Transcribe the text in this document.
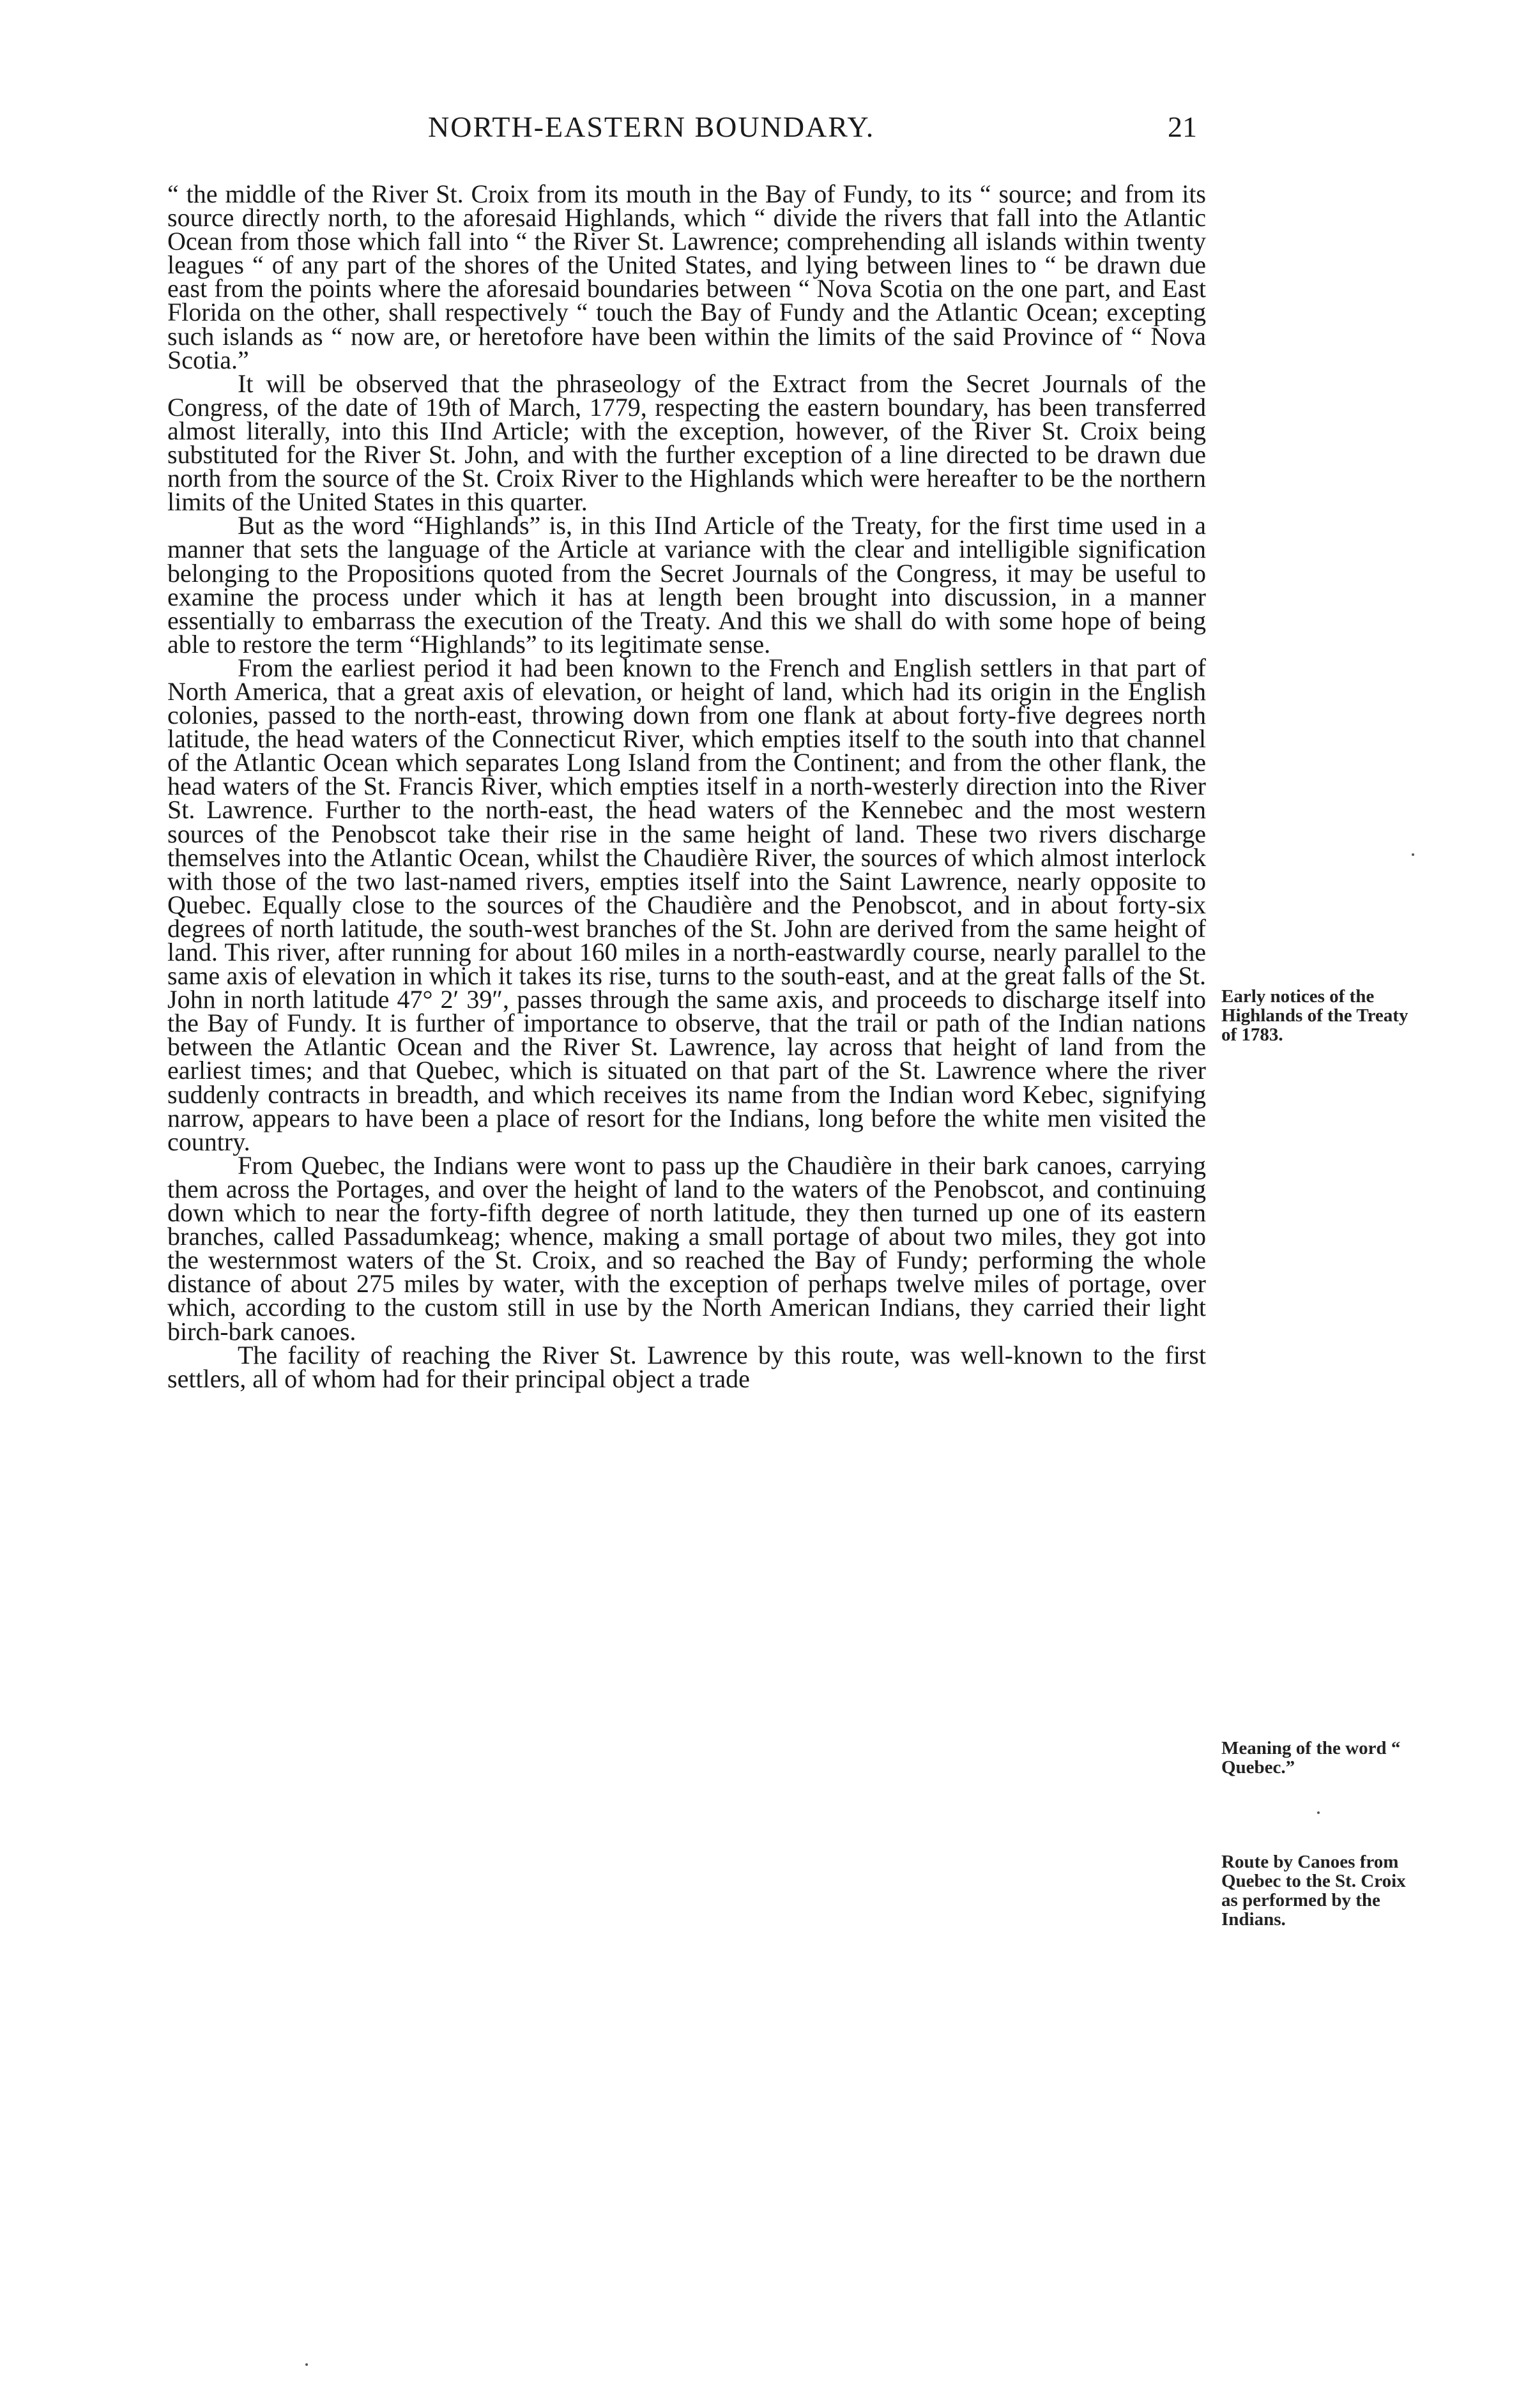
NORTH-EASTERN BOUNDARY.	21

“ the middle of the River St. Croix from its mouth in the Bay of Fundy, to its “ source; and from its source directly north, to the aforesaid Highlands, which “ divide the rivers that fall into the Atlantic Ocean from those which fall into “ the River St. Lawrence; comprehending all islands within twenty leagues “ of any part of the shores of the United States, and lying between lines to “ be drawn due east from the points where the aforesaid boundaries between “ Nova Scotia on the one part, and East Florida on the other, shall respectively “ touch the Bay of Fundy and the Atlantic Ocean; excepting such islands as “ now are, or heretofore have been within the limits of the said Province of “ Nova Scotia.”

It will be observed that the phraseology of the Extract from the Secret Journals of the Congress, of the date of 19th of March, 1779, respecting the eastern boundary, has been transferred almost literally, into this IInd Article; with the exception, however, of the River St. Croix being substituted for the River St. John, and with the further exception of a line directed to be drawn due north from the source of the St. Croix River to the Highlands which were hereafter to be the northern limits of the United States in this quarter.

But as the word “Highlands” is, in this IInd Article of the Treaty, for the first time used in a manner that sets the language of the Article at variance with the clear and intelligible signification belonging to the Propositions quoted from the Secret Journals of the Congress, it may be useful to examine the process under which it has at length been brought into discussion, in a manner essentially to embarrass the execution of the Treaty. And this we shall do with some hope of being able to restore the term “Highlands” to its legitimate sense.

From the earliest period it had been known to the French and English settlers in that part of North America, that a great axis of elevation, or height of land, which had its origin in the English colonies, passed to the north-east, throwing down from one flank at about forty-five degrees north latitude, the head waters of the Connecticut River, which empties itself to the south into that channel of the Atlantic Ocean which separates Long Island from the Continent; and from the other flank, the head waters of the St. Francis River, which empties itself in a north-westerly direction into the River St. Lawrence. Further to the north-east, the head waters of the Kennebec and the most western sources of the Penobscot take their rise in the same height of land. These two rivers discharge themselves into the Atlantic Ocean, whilst the Chaudière River, the sources of which almost interlock with those of the two last-named rivers, empties itself into the Saint Lawrence, nearly opposite to Quebec. Equally close to the sources of the Chaudière and the Penobscot, and in about forty-six degrees of north latitude, the south-west branches of the St. John are derived from the same height of land. This river, after running for about 160 miles in a north-eastwardly course, nearly parallel to the same axis of elevation in which it takes its rise, turns to the south-east, and at the great falls of the St. John in north latitude 47° 2′ 39″, passes through the same axis, and proceeds to discharge itself into the Bay of Fundy. It is further of importance to observe, that the trail or path of the Indian nations between the Atlantic Ocean and the River St. Lawrence, lay across that height of land from the earliest times; and that Quebec, which is situated on that part of the St. Lawrence where the river suddenly contracts in breadth, and which receives its name from the Indian word Kebec, signifying narrow, appears to have been a place of resort for the Indians, long before the white men visited the country.

From Quebec, the Indians were wont to pass up the Chaudière in their bark canoes, carrying them across the Portages, and over the height of land to the waters of the Penobscot, and continuing down which to near the forty-fifth degree of north latitude, they then turned up one of its eastern branches, called Passadumkeag; whence, making a small portage of about two miles, they got into the westernmost waters of the St. Croix, and so reached the Bay of Fundy; performing the whole distance of about 275 miles by water, with the exception of perhaps twelve miles of portage, over which, according to the custom still in use by the North American Indians, they carried their light birch-bark canoes.

The facility of reaching the River St. Lawrence by this route, was well-known to the first settlers, all of whom had for their principal object a trade

Early notices of the Highlands of the Treaty of 1783.
Meaning of the word “ Quebec.”
Route by Canoes from Quebec to the St. Croix as performed by the Indians.
